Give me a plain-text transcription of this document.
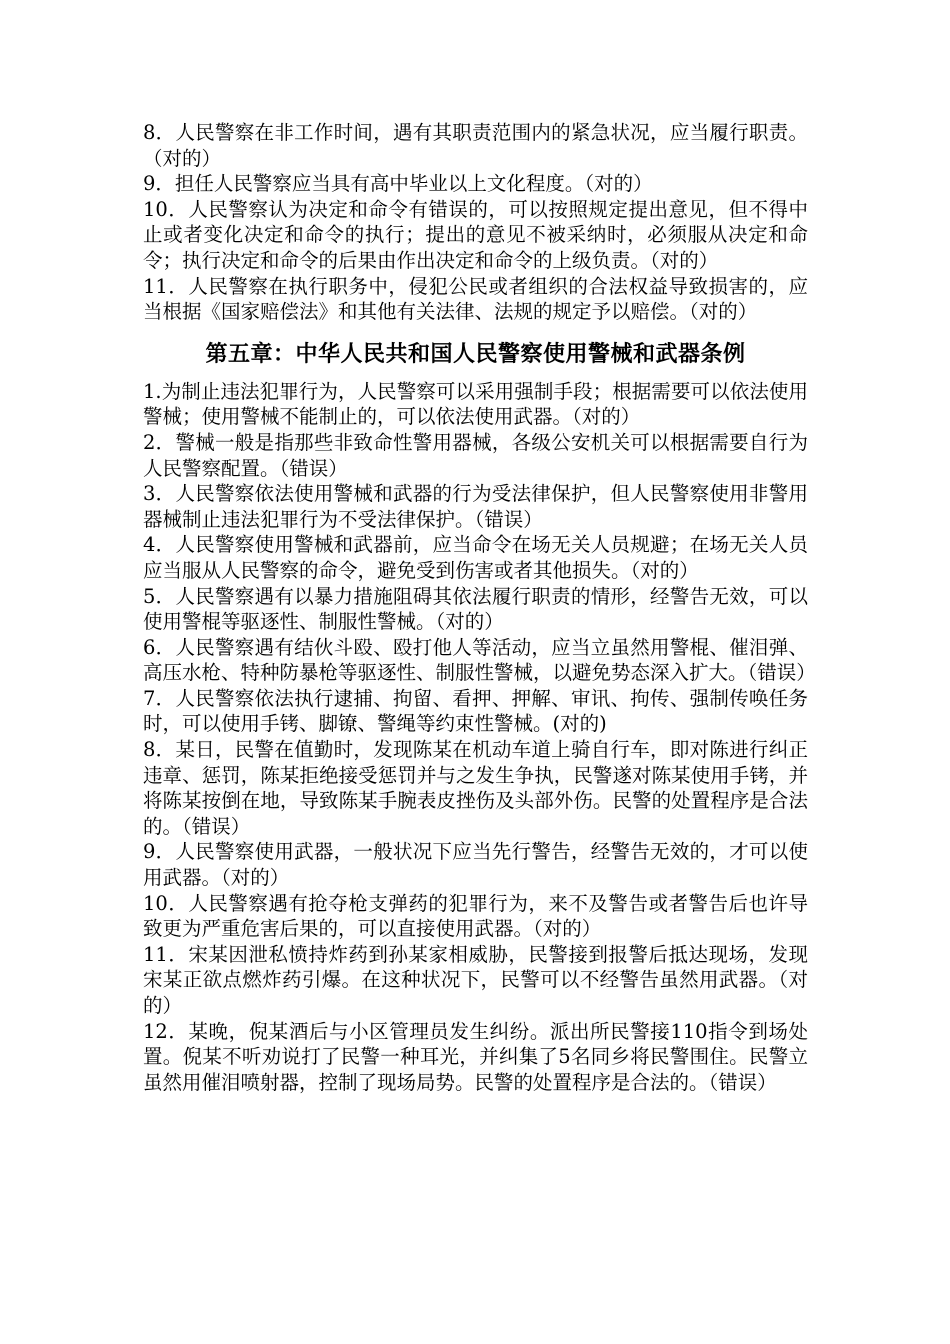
8．人民警察在非工作时间，遇有其职责范围内的紧急状况，应当履行职责。（对的）

9．担任人民警察应当具有高中毕业以上文化程度。（对的）

10．人民警察认为决定和命令有错误的，可以按照规定提出意见，但不得中止或者变化决定和命令的执行；提出的意见不被采纳时，必须服从决定和命令；执行决定和命令的后果由作出决定和命令的上级负责。（对的）

11．人民警察在执行职务中，侵犯公民或者组织的合法权益导致损害的，应当根据《国家赔偿法》和其他有关法律、法规的规定予以赔偿。（对的）

第五章：中华人民共和国人民警察使用警械和武器条例

1.为制止违法犯罪行为，人民警察可以采用强制手段；根据需要可以依法使用警械；使用警械不能制止的，可以依法使用武器。（对的）

2．警械一般是指那些非致命性警用器械，各级公安机关可以根据需要自行为人民警察配置。（错误）

3．人民警察依法使用警械和武器的行为受法律保护，但人民警察使用非警用器械制止违法犯罪行为不受法律保护。（错误）

4．人民警察使用警械和武器前，应当命令在场无关人员规避；在场无关人员应当服从人民警察的命令，避免受到伤害或者其他损失。（对的）

5．人民警察遇有以暴力措施阻碍其依法履行职责的情形，经警告无效，可以使用警棍等驱逐性、制服性警械。（对的）

6．人民警察遇有结伙斗殴、殴打他人等活动，应当立虽然用警棍、催泪弹、高压水枪、特种防暴枪等驱逐性、制服性警械，以避免势态深入扩大。（错误）

7．人民警察依法执行逮捕、拘留、看押、押解、审讯、拘传、强制传唤任务时，可以使用手铐、脚镣、警绳等约束性警械。(对的)

8．某日，民警在值勤时，发现陈某在机动车道上骑自行车，即对陈进行纠正违章、惩罚，陈某拒绝接受惩罚并与之发生争执，民警遂对陈某使用手铐，并将陈某按倒在地，导致陈某手腕表皮挫伤及头部外伤。民警的处置程序是合法的。（错误）

9．人民警察使用武器，一般状况下应当先行警告，经警告无效的，才可以使用武器。（对的）

10．人民警察遇有抢夺枪支弹药的犯罪行为，来不及警告或者警告后也许导致更为严重危害后果的，可以直接使用武器。（对的）

11．宋某因泄私愤持炸药到孙某家相威胁，民警接到报警后抵达现场，发现宋某正欲点燃炸药引爆。在这种状况下，民警可以不经警告虽然用武器。（对的）

12．某晚，倪某酒后与小区管理员发生纠纷。派出所民警接110指令到场处置。倪某不听劝说打了民警一种耳光，并纠集了5名同乡将民警围住。民警立虽然用催泪喷射器，控制了现场局势。民警的处置程序是合法的。（错误）
